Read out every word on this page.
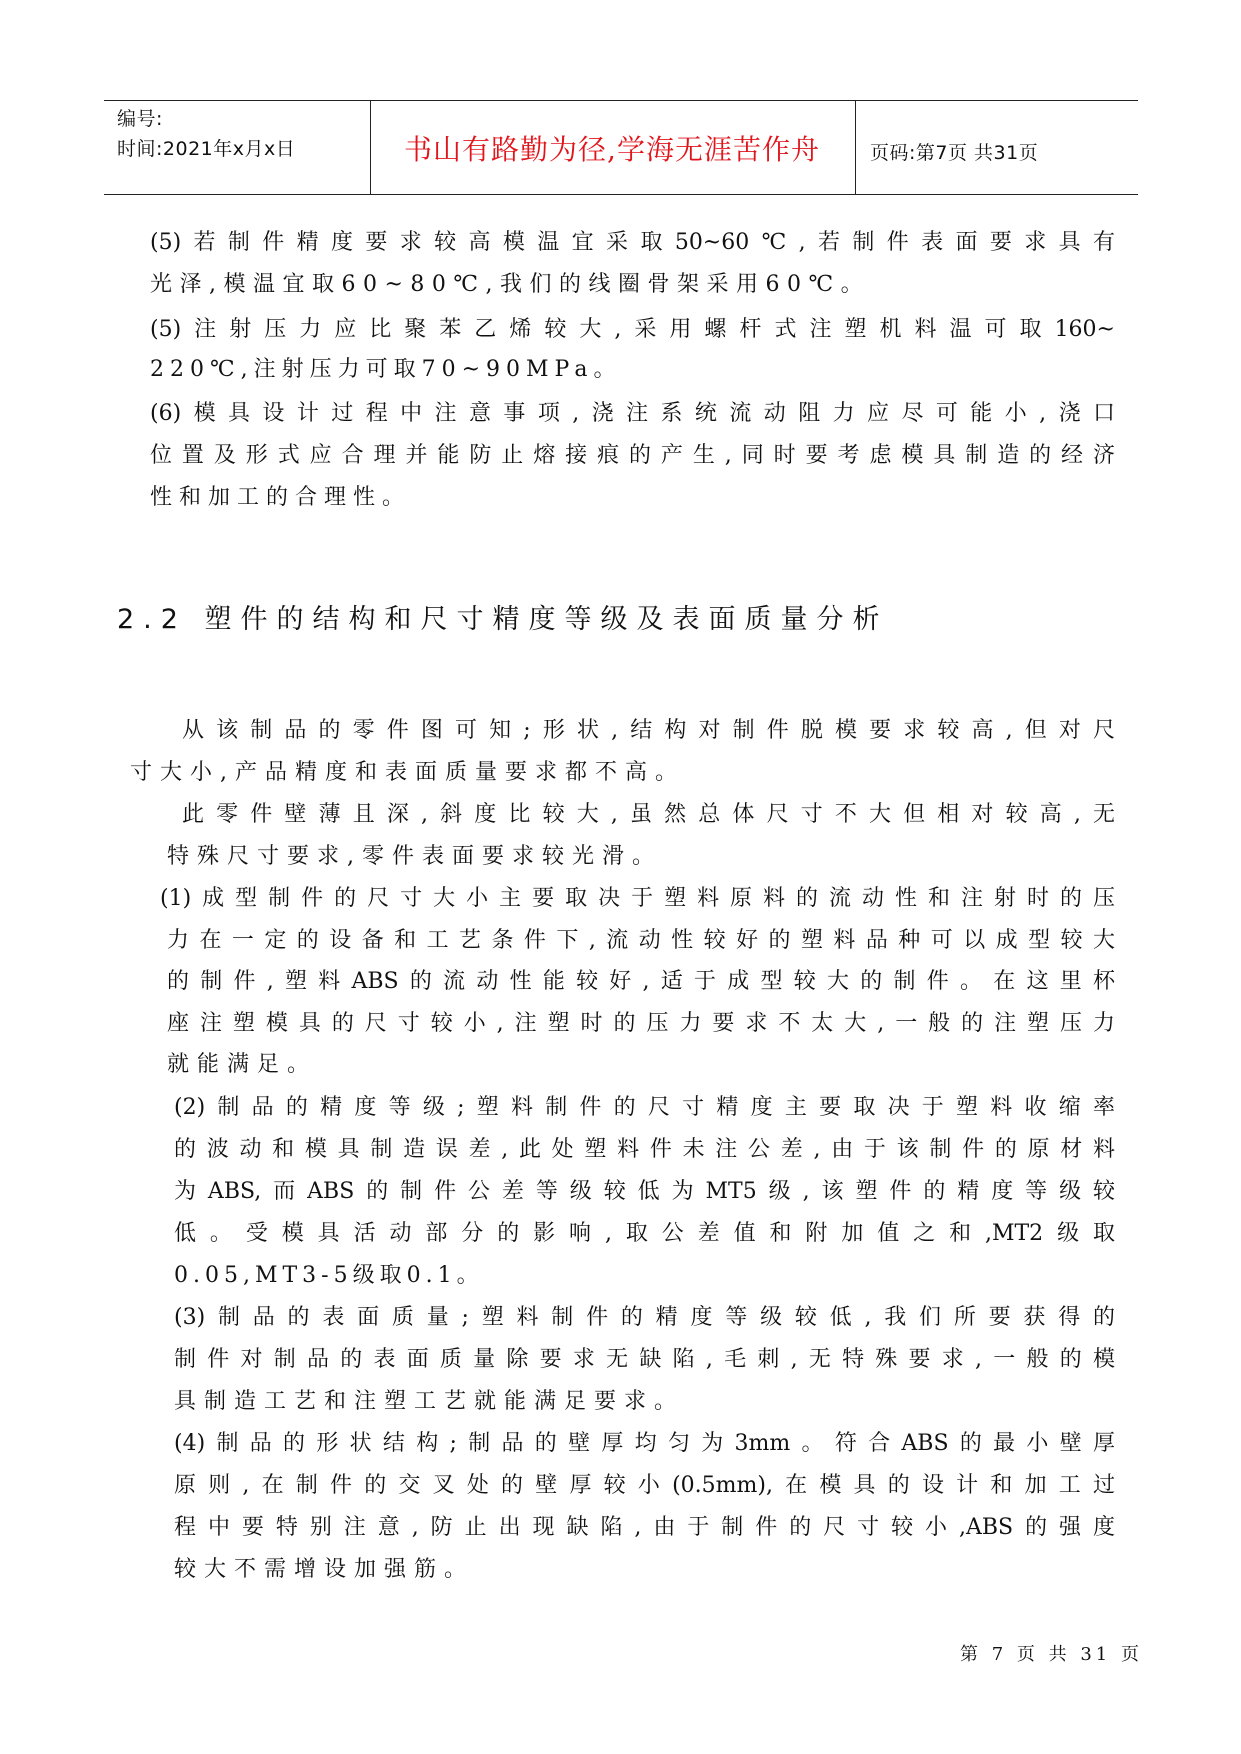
编号:
时间:2021年x月x日	书山有路勤为径,学海无涯苦作舟	页码:第7页 共31页
(5)若制件精度要求较高模温宜采取50~60℃,若制件表面要求具有
光泽,模温宜取60~80℃,我们的线圈骨架采用60℃。
(5)注射压力应比聚苯乙烯较大,采用螺杆式注塑机料温可取160~
220℃,注射压力可取70~90MPa。
(6)模具设计过程中注意事项,浇注系统流动阻力应尽可能小,浇口
位置及形式应合理并能防止熔接痕的产生,同时要考虑模具制造的经济
性和加工的合理性。
2.2 塑件的结构和尺寸精度等级及表面质量分析
从该制品的零件图可知;形状,结构对制件脱模要求较高,但对尺
寸大小,产品精度和表面质量要求都不高。
此零件壁薄且深,斜度比较大,虽然总体尺寸不大但相对较高,无
特殊尺寸要求,零件表面要求较光滑。
(1)成型制件的尺寸大小主要取决于塑料原料的流动性和注射时的压
力在一定的设备和工艺条件下,流动性较好的塑料品种可以成型较大
的制件,塑料ABS的流动性能较好,适于成型较大的制件。在这里杯
座注塑模具的尺寸较小,注塑时的压力要求不太大,一般的注塑压力
就能满足。
(2)制品的精度等级;塑料制件的尺寸精度主要取决于塑料收缩率
的波动和模具制造误差,此处塑料件未注公差,由于该制件的原材料
为ABS,而ABS的制件公差等级较低为MT5级,该塑件的精度等级较
低。受模具活动部分的影响,取公差值和附加值之和,MT2级取
0.05,MT3-5级取0.1。
(3)制品的表面质量;塑料制件的精度等级较低,我们所要获得的
制件对制品的表面质量除要求无缺陷,毛刺,无特殊要求,一般的模
具制造工艺和注塑工艺就能满足要求。
(4)制品的形状结构;制品的壁厚均匀为3mm。符合ABS的最小壁厚
原则,在制件的交叉处的壁厚较小(0.5mm),在模具的设计和加工过
程中要特别注意,防止出现缺陷,由于制件的尺寸较小,ABS的强度
较大不需增设加强筋。
第 7 页 共 31 页
